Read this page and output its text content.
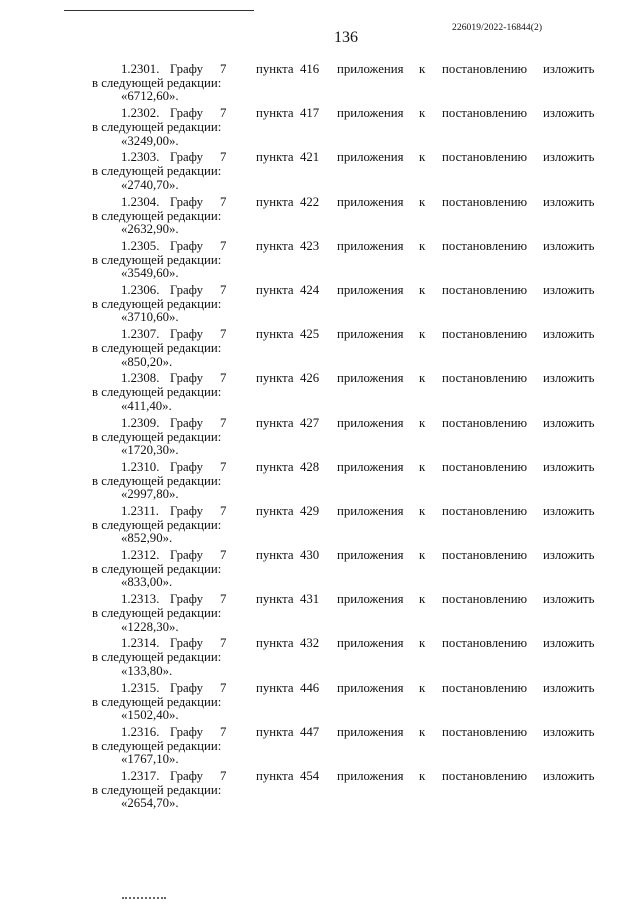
136
226019/2022-16844(2)
1.2301. Графу 7 пункта 416 приложения к постановлению изложить
в следующей редакции:
«6712,60».
1.2302. Графу 7 пункта 417 приложения к постановлению изложить
в следующей редакции:
«3249,00».
1.2303. Графу 7 пункта 421 приложения к постановлению изложить
в следующей редакции:
«2740,70».
1.2304. Графу 7 пункта 422 приложения к постановлению изложить
в следующей редакции:
«2632,90».
1.2305. Графу 7 пункта 423 приложения к постановлению изложить
в следующей редакции:
«3549,60».
1.2306. Графу 7 пункта 424 приложения к постановлению изложить
в следующей редакции:
«3710,60».
1.2307. Графу 7 пункта 425 приложения к постановлению изложить
в следующей редакции:
«850,20».
1.2308. Графу 7 пункта 426 приложения к постановлению изложить
в следующей редакции:
«411,40».
1.2309. Графу 7 пункта 427 приложения к постановлению изложить
в следующей редакции:
«1720,30».
1.2310. Графу 7 пункта 428 приложения к постановлению изложить
в следующей редакции:
«2997,80».
1.2311. Графу 7 пункта 429 приложения к постановлению изложить
в следующей редакции:
«852,90».
1.2312. Графу 7 пункта 430 приложения к постановлению изложить
в следующей редакции:
«833,00».
1.2313. Графу 7 пункта 431 приложения к постановлению изложить
в следующей редакции:
«1228,30».
1.2314. Графу 7 пункта 432 приложения к постановлению изложить
в следующей редакции:
«133,80».
1.2315. Графу 7 пункта 446 приложения к постановлению изложить
в следующей редакции:
«1502,40».
1.2316. Графу 7 пункта 447 приложения к постановлению изложить
в следующей редакции:
«1767,10».
1.2317. Графу 7 пункта 454 приложения к постановлению изложить
в следующей редакции:
«2654,70».
